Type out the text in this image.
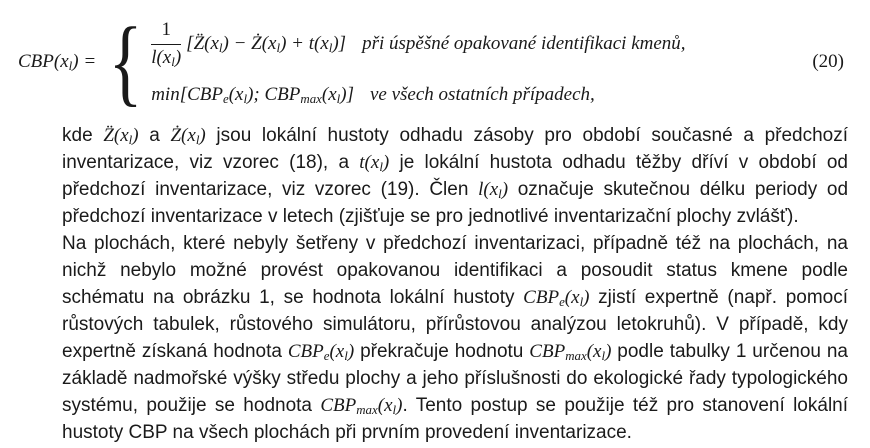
$CBP(x_l)$ = { $\frac{1}{l(x_l)}$ [$Z̈(x_l)$ − $Ż(x_l) + t(x_l)$] při úspěšné opakované identifikaci kmenů,
$\min[CBP_e(x_l)$; $CBP_{max}(x_l)$] ve všech ostatních případech,
(20)

kde $Z̈(x_l)$ a $Ż(x_l)$ jsou lokální hustoty odhadu zásoby pro období současné a předchozí inventarizace, viz vzorec (18), a $t(x_l)$ je lokální hustota odhadu těžby dříví v období od předchozí inventarizace, viz vzorec (19). Člen $l(x_l)$ označuje skutečnou délku periody od předchozí inventarizace v letech (zjišťuje se pro jednotlivé inventarizační plochy zvlášť).

Na plochách, které nebyly šetřeny v předchozí inventarizaci, případně též na plochách, na nichž nebylo možné provést opakovanou identifikaci a posoudit status kmene podle schématu na obrázku 1, se hodnota lokální hustoty $CBP_e(x_l)$ zjistí expertně (např. pomocí růstových tabulek, růstového simulátoru, přírůstovou analýzou letokruhů). V případě, kdy expertně získaná hodnota $CBP_e(x_l)$ překračuje hodnotu $CBP_{max}(x_l)$ podle tabulky 1 určenou na základě nadmořské výšky středu plochy a jeho příslušnosti do ekologické řady typologického systému, použije se hodnota $CBP_{max}(x_l)$. Tento postup se použije též pro stanovení lokální hustoty CBP na všech plochách při prvním provedení inventarizace.
